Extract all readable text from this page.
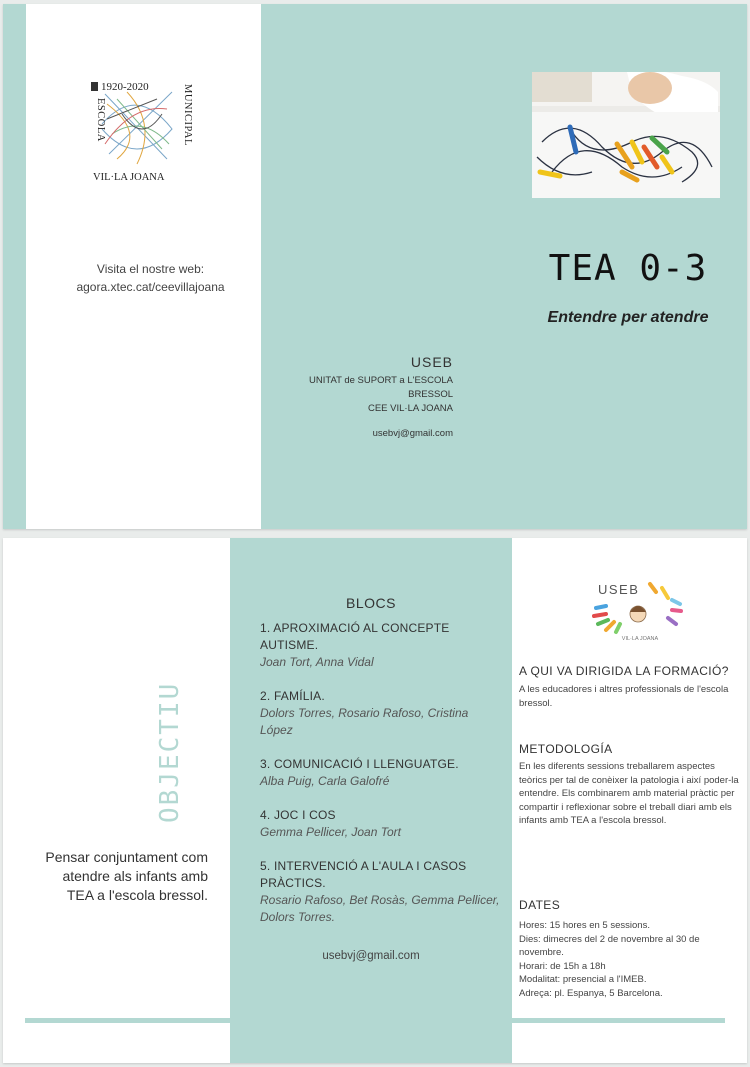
1920-2020
ESCOLA	MUNICIPAL
VIL·LA JOANA
Visita el nostre web:
agora.xtec.cat/ceevillajoana	TEA 0-3
Entendre per atendre
USEB
UNITAT de SUPORT a L'ESCOLA
BRESSOL
CEE VIL·LA JOANA
usebvj@gmail.com
OBJECTIU
Pensar conjuntament com atendre als infants amb TEA a l'escola bressol.
BLOCS
1. APROXIMACIÓ AL CONCEPTE AUTISME.
Joan Tort, Anna Vidal
2. FAMÍLIA.
Dolors Torres, Rosario Rafoso, Cristina López
3. COMUNICACIÓ I LLENGUATGE.
Alba Puig, Carla Galofré
4. JOC I COS
Gemma Pellicer, Joan Tort
5. INTERVENCIÓ A L'AULA I CASOS PRÀCTICS.
Rosario Rafoso, Bet Rosàs, Gemma Pellicer, Dolors Torres.
usebvj@gmail.com
USEB
VIL·LA JOANA
A QUI VA DIRIGIDA LA FORMACIÓ?
A les educadores i altres professionals de l'escola bressol.
METODOLOGÍA
En les diferents sessions treballarem aspectes teòrics per tal de conèixer la patologia i així poder-la entendre. Els combinarem amb material pràctic per compartir i reflexionar sobre el treball diari amb els infants amb TEA a l'escola bressol.
DATES
Hores: 15 hores en 5 sessions.
Dies: dimecres del 2 de novembre al 30 de novembre.
Horari: de 15h a 18h
Modalitat: presencial a l'IMEB.
Adreça: pl. Espanya, 5 Barcelona.
